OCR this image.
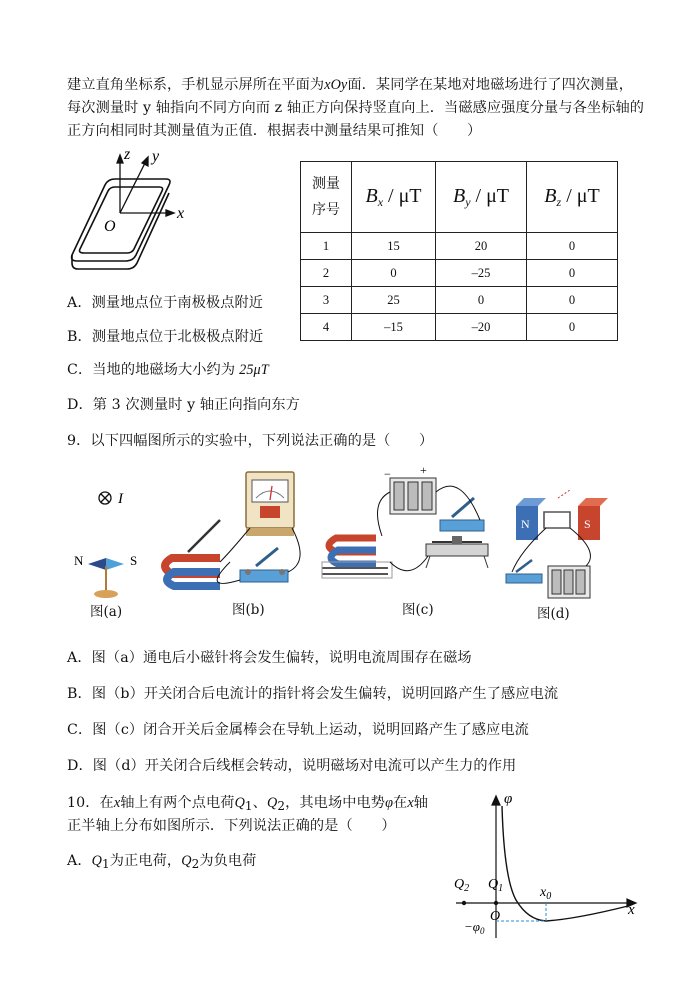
建立直角坐标系，手机显示屏所在平面为xOy面．某同学在某地对地磁场进行了四次测量，
每次测量时 y 轴指向不同方向而 z 轴正方向保持竖直向上．当磁感应强度分量与各坐标轴的
正方向相同时其测量值为正值．根据表中测量结果可推知（　　）
z y
x
O
测量
序号	$B_x$ / μT	$B_y$ / μT	$B_z$ / μT
1	15	20	0
2	0	–25	0
3	25	0	0
4	–15	–20	0
A．测量地点位于南极极点附近
B．测量地点位于北极极点附近
C．当地的地磁场大小约为 25μT
D．第 3 次测量时 y 轴正向指向东方
9．以下四幅图所示的实验中，下列说法正确的是（　　）
I
N	S
− +
N	S
图(a)	图(b)	图(c)	图(d)
A．图（a）通电后小磁针将会发生偏转，说明电流周围存在磁场
B．图（b）开关闭合后电流计的指针将会发生偏转，说明回路产生了感应电流
C．图（c）闭合开关后金属棒会在导轨上运动，说明回路产生了感应电流
D．图（d）开关闭合后线框会转动，说明磁场对电流可以产生力的作用
10．在x轴上有两个点电荷$Q_1$、$Q_2$，其电场中电势φ在x轴
正半轴上分布如图所示．下列说法正确的是（　　）
A．$Q_1$为正电荷，$Q_2$为负电荷
φ
$Q_2$ $Q_1$	$x_0$
O	x
$-\varphi_0$
